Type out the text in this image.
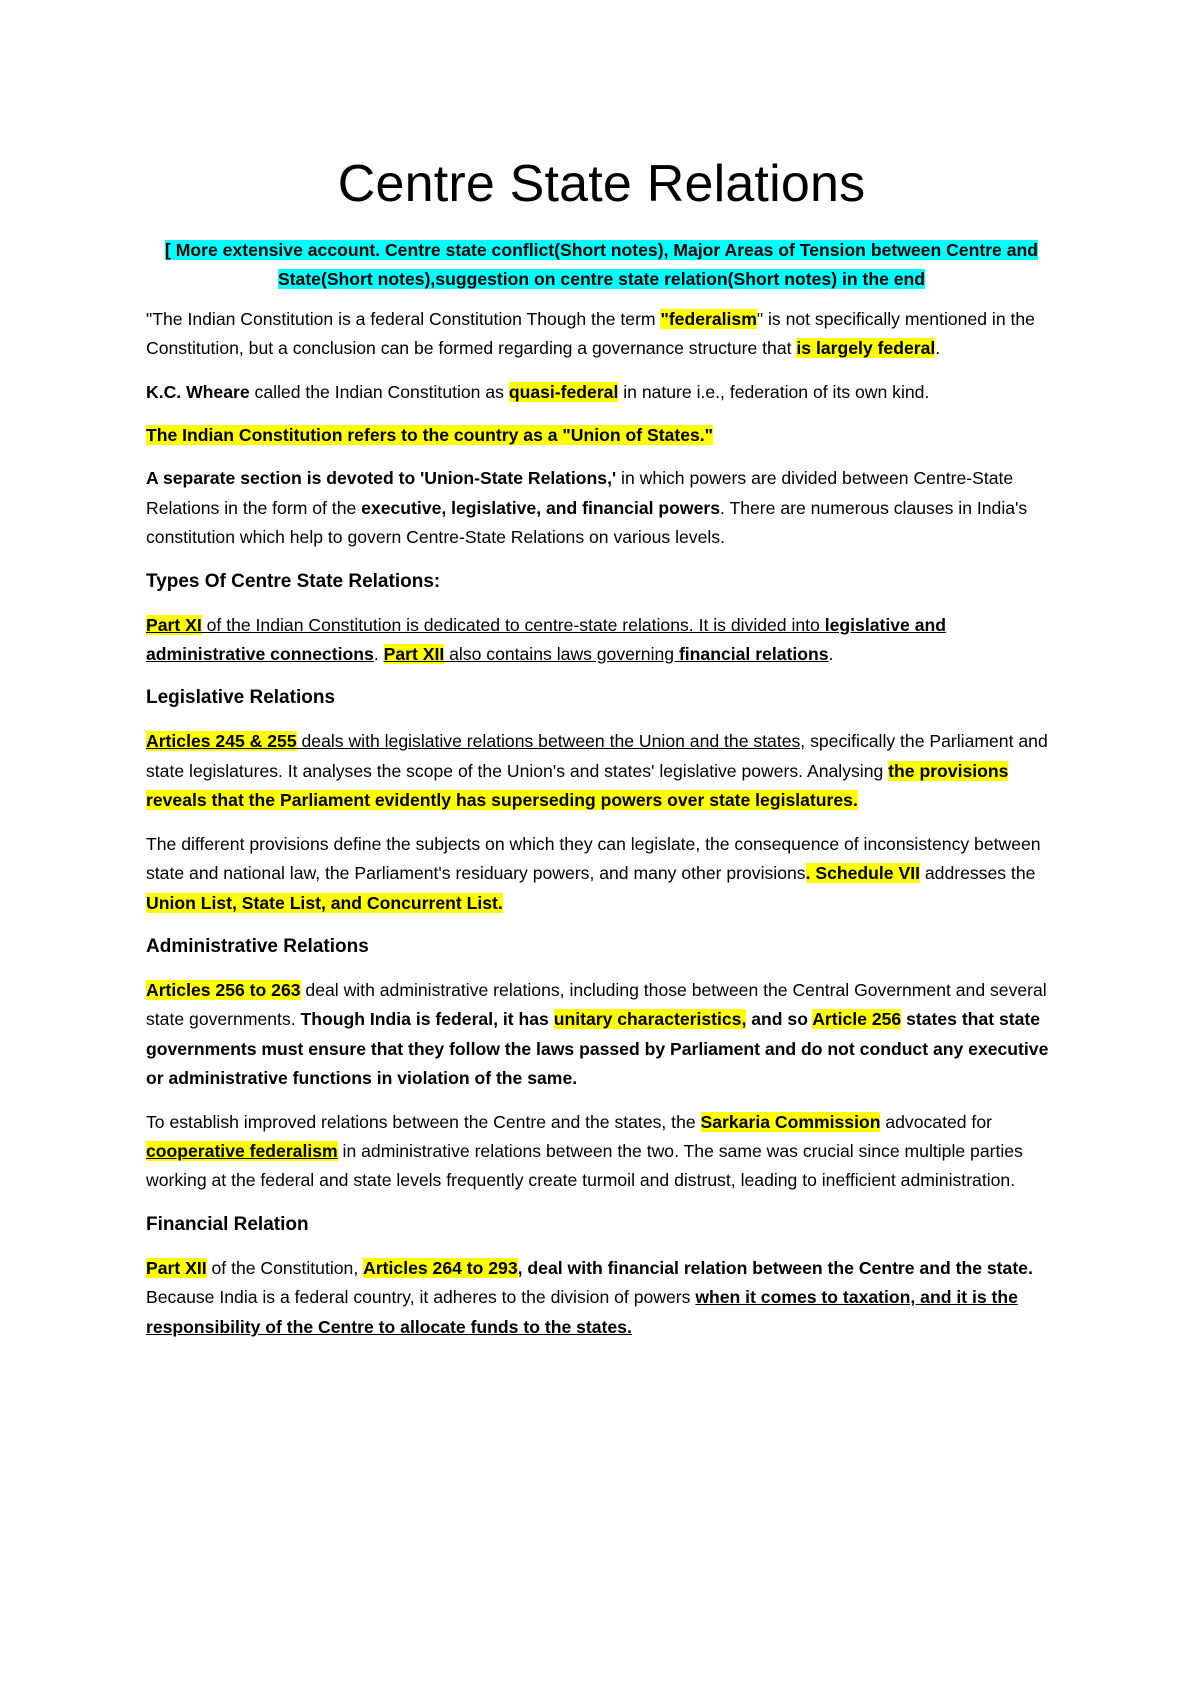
Centre State Relations

[ More extensive account. Centre state conflict(Short notes), Major Areas of Tension between Centre and State(Short notes),suggestion on centre state relation(Short notes) in the end

"The Indian Constitution is a federal Constitution Though the term "federalism" is not specifically mentioned in the Constitution, but a conclusion can be formed regarding a governance structure that is largely federal.

K.C. Wheare called the Indian Constitution as quasi-federal in nature i.e., federation of its own kind.

The Indian Constitution refers to the country as a "Union of States."

A separate section is devoted to 'Union-State Relations,' in which powers are divided between Centre-State Relations in the form of the executive, legislative, and financial powers. There are numerous clauses in India's constitution which help to govern Centre-State Relations on various levels.

Types Of Centre State Relations:

Part XI of the Indian Constitution is dedicated to centre-state relations. It is divided into legislative and administrative connections. Part XII also contains laws governing financial relations.

Legislative Relations

Articles 245 & 255 deals with legislative relations between the Union and the states, specifically the Parliament and state legislatures. It analyses the scope of the Union's and states' legislative powers. Analysing the provisions reveals that the Parliament evidently has superseding powers over state legislatures.

The different provisions define the subjects on which they can legislate, the consequence of inconsistency between state and national law, the Parliament's residuary powers, and many other provisions. Schedule VII addresses the Union List, State List, and Concurrent List.

Administrative Relations

Articles 256 to 263 deal with administrative relations, including those between the Central Government and several state governments. Though India is federal, it has unitary characteristics, and so Article 256 states that state governments must ensure that they follow the laws passed by Parliament and do not conduct any executive or administrative functions in violation of the same.

To establish improved relations between the Centre and the states, the Sarkaria Commission advocated for cooperative federalism in administrative relations between the two. The same was crucial since multiple parties working at the federal and state levels frequently create turmoil and distrust, leading to inefficient administration.

Financial Relation

Part XII of the Constitution, Articles 264 to 293, deal with financial relation between the Centre and the state. Because India is a federal country, it adheres to the division of powers when it comes to taxation, and it is the responsibility of the Centre to allocate funds to the states.
